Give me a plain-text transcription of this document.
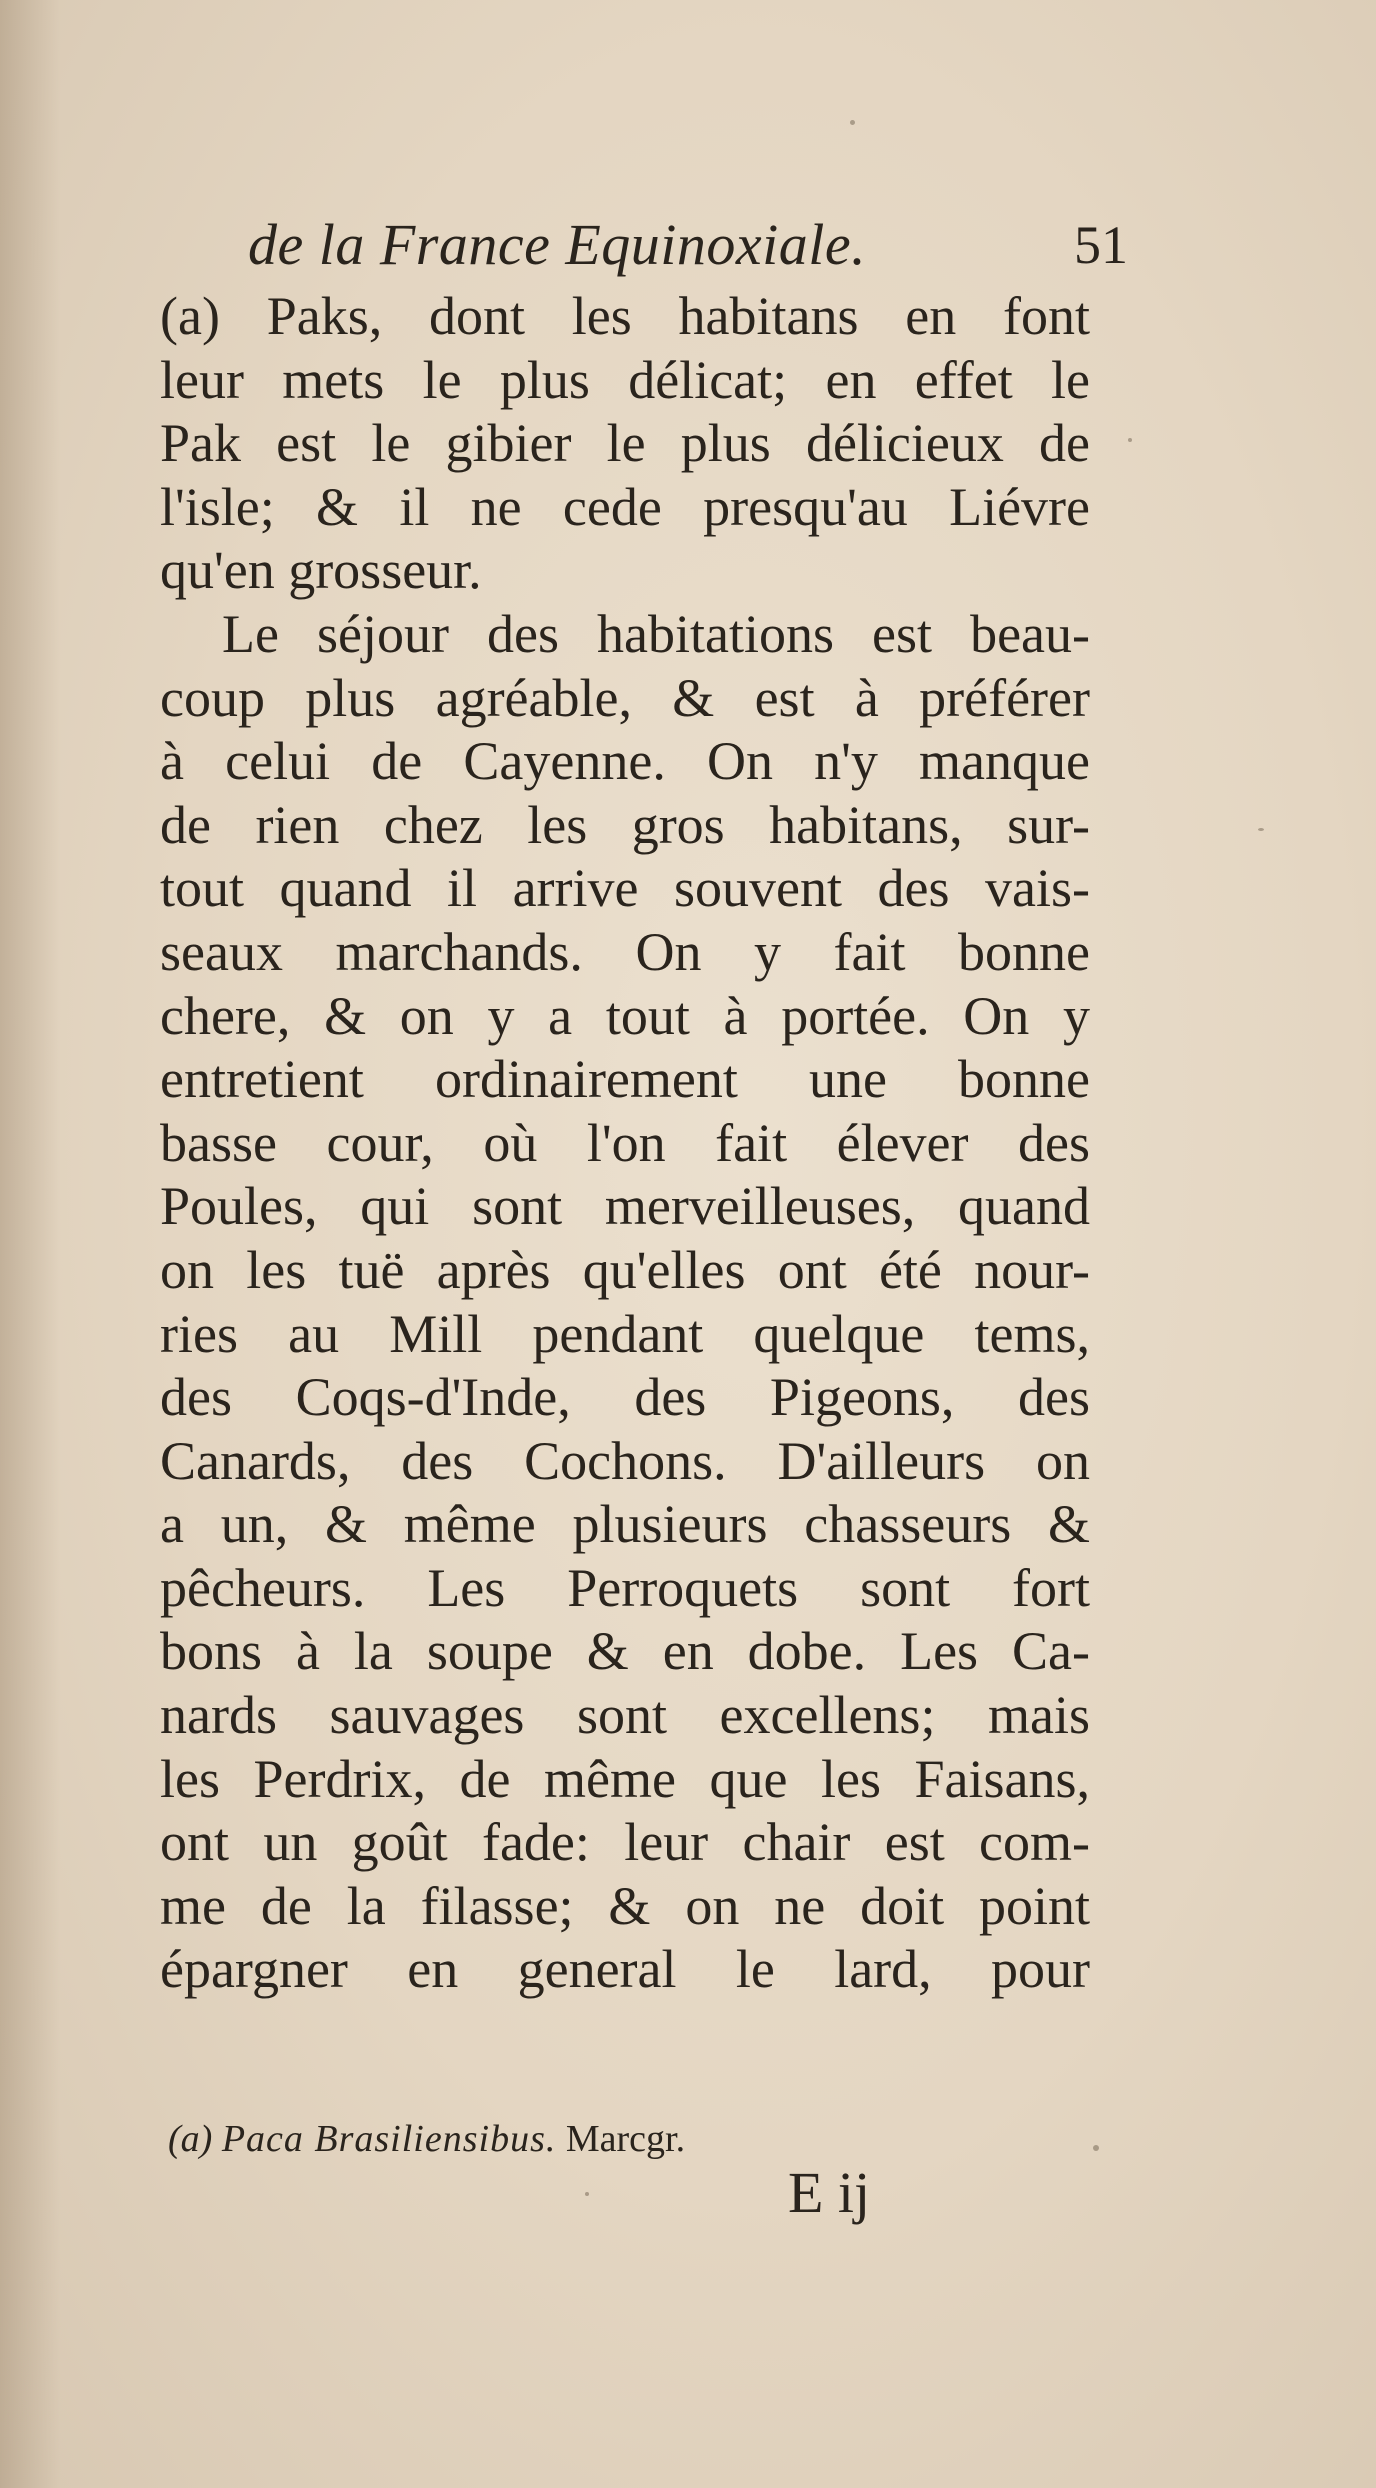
de la France Equinoxiale.	51
(a) Paks, dont les habitans en font
leur mets le plus délicat; en effet le
Pak est le gibier le plus délicieux de
l'isle; & il ne cede presqu'au Liévre
qu'en grosseur.
Le séjour des habitations est beau-
coup plus agréable, & est à préférer
à celui de Cayenne. On n'y manque
de rien chez les gros habitans, sur-
tout quand il arrive souvent des vais-
seaux marchands. On y fait bonne
chere, & on y a tout à portée. On y
entretient ordinairement une bonne
basse cour, où l'on fait élever des
Poules, qui sont merveilleuses, quand
on les tuë après qu'elles ont été nour-
ries au Mill pendant quelque tems,
des Coqs-d'Inde, des Pigeons, des
Canards, des Cochons. D'ailleurs on
a un, & même plusieurs chasseurs &
pêcheurs. Les Perroquets sont fort
bons à la soupe & en dobe. Les Ca-
nards sauvages sont excellens; mais
les Perdrix, de même que les Faisans,
ont un goût fade: leur chair est com-
me de la filasse; & on ne doit point
épargner en general le lard, pour
(a) Paca Brasiliensibus. Marcgr.
E ij
